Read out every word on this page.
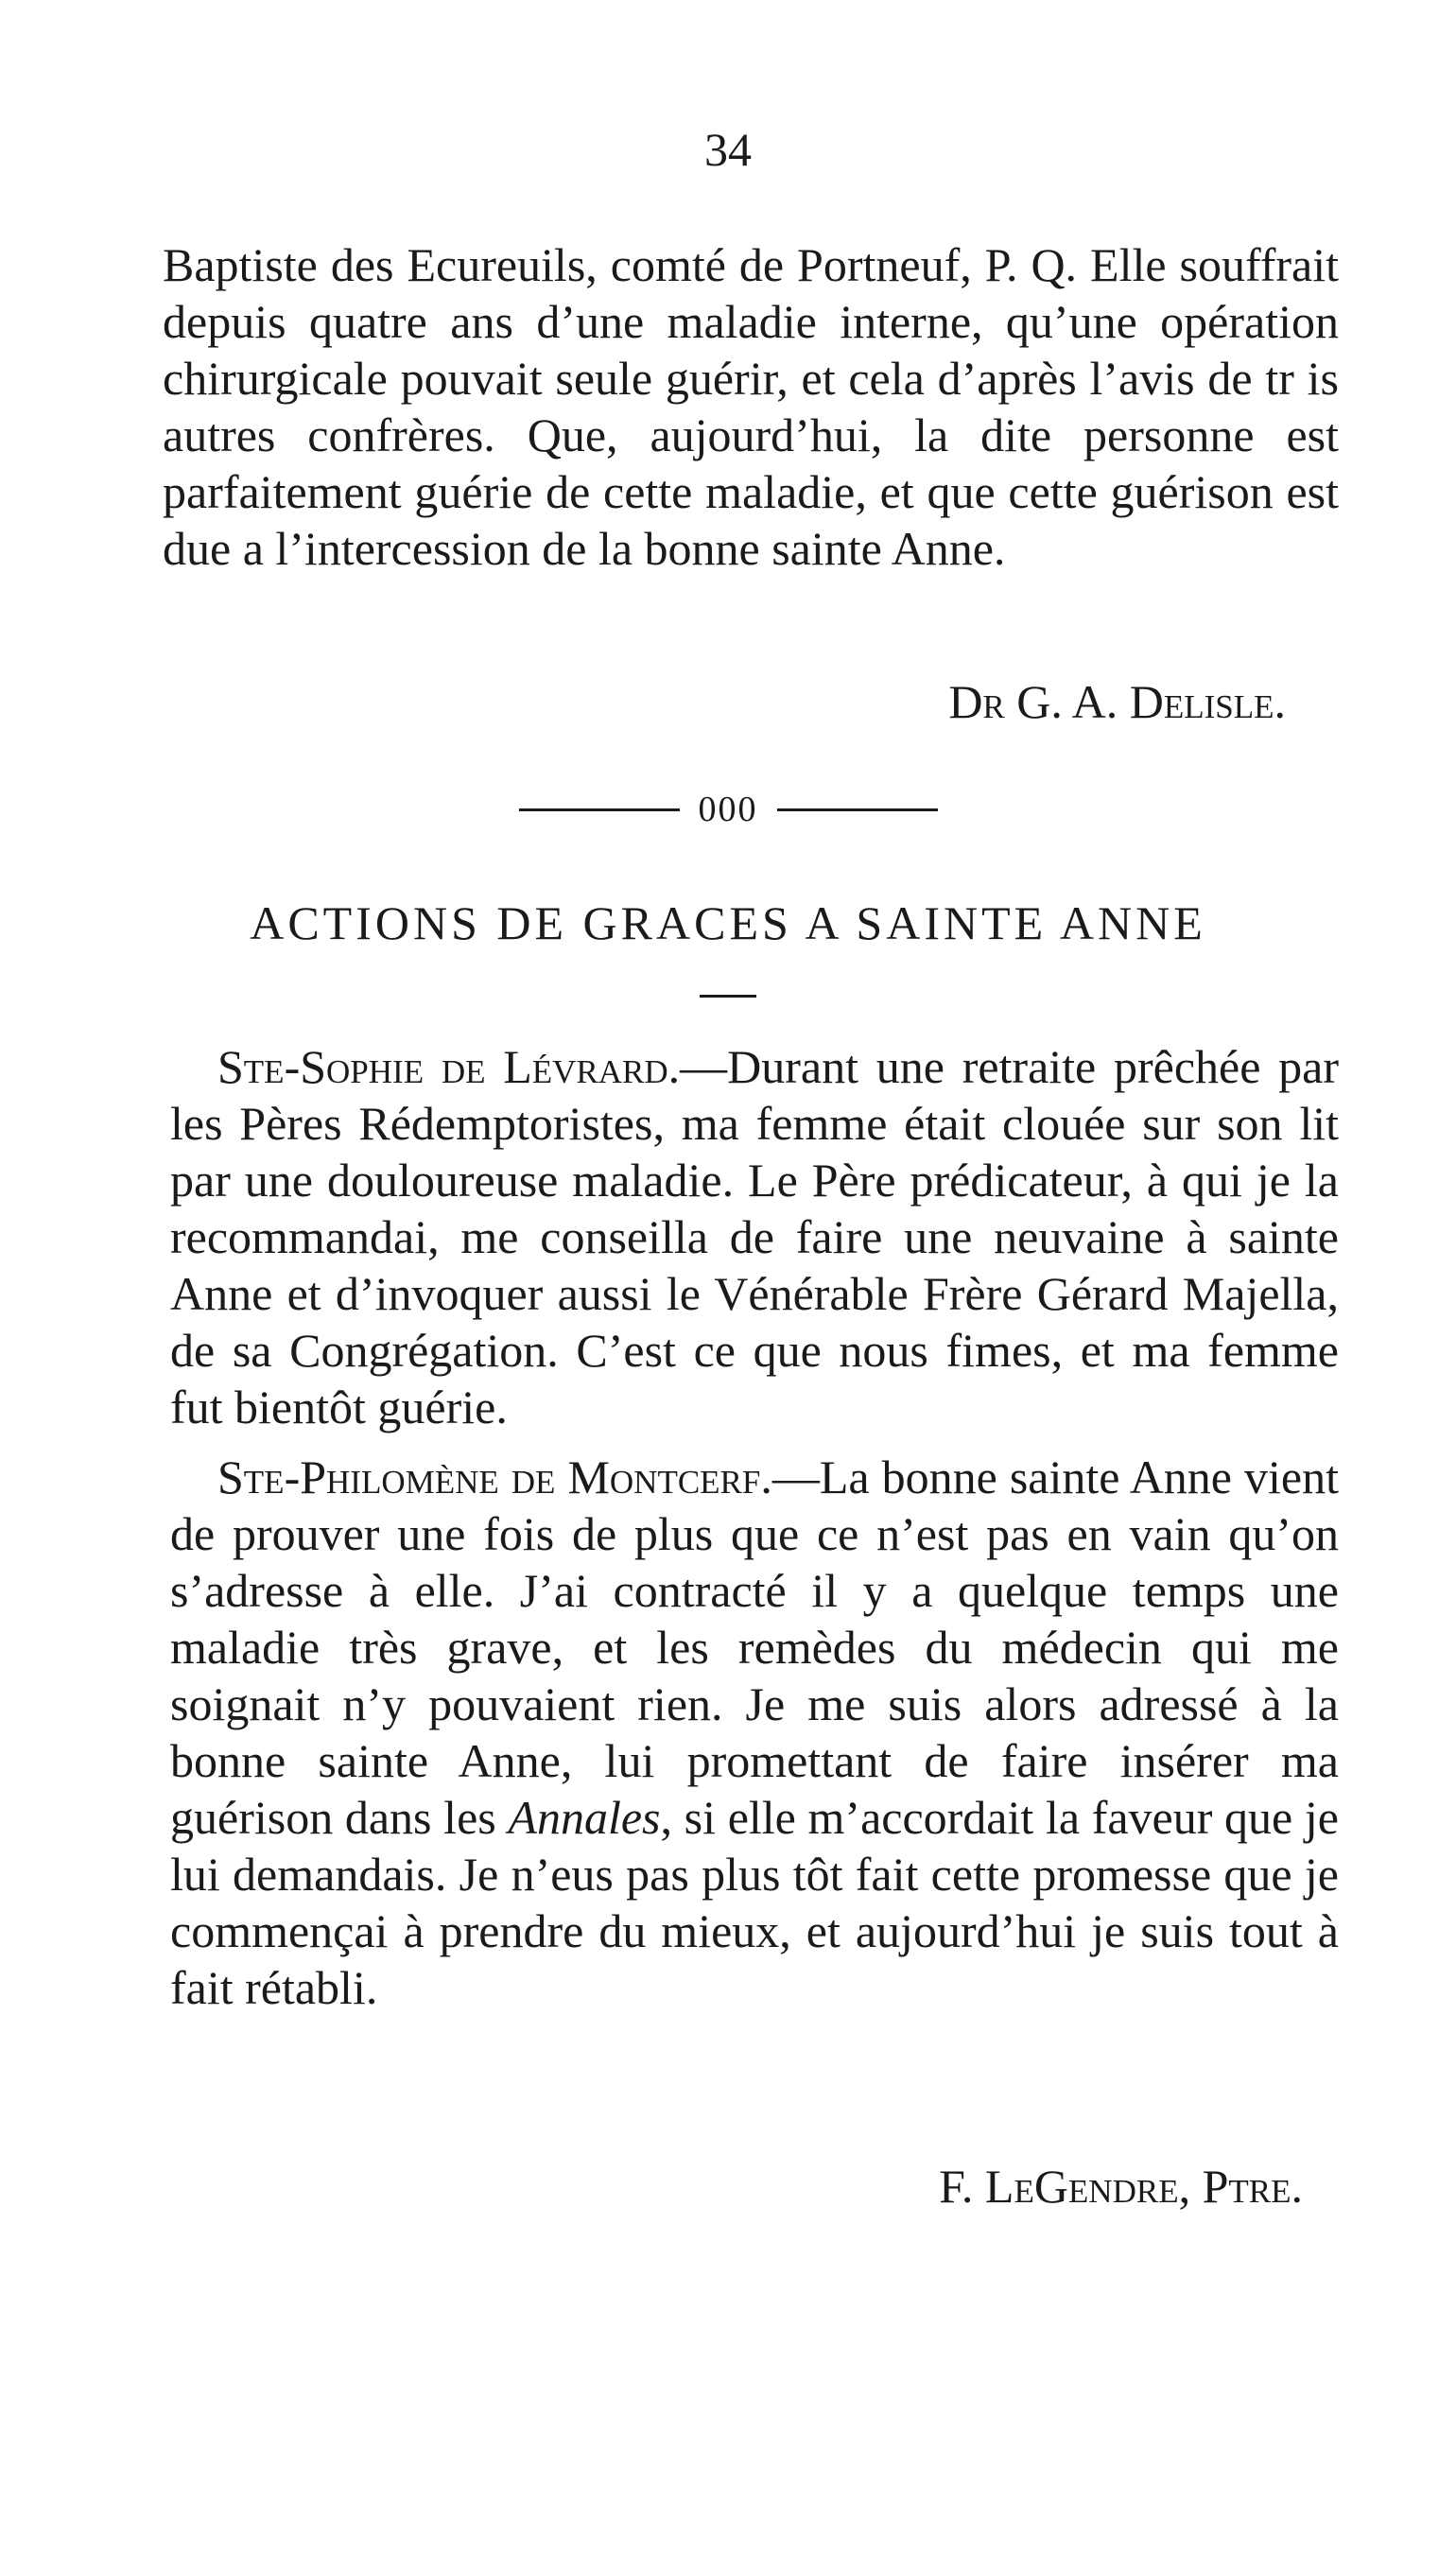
34

Baptiste des Ecureuils, comté de Portneuf, P. Q. Elle souffrait depuis quatre ans d’une maladie interne, qu’une opération chirurgicale pouvait seule guérir, et cela d’après l’avis de tr is autres confrères. Que, aujourd’hui, la dite personne est parfaitement guérie de cette maladie, et que cette guérison est due a l’intercession de la bonne sainte Anne.

Dr G. A. Delisle.
000
ACTIONS DE GRACES A SAINTE ANNE

Ste-Sophie de Lévrard.—Durant une retraite prêchée par les Pères Rédemptoristes, ma femme était clouée sur son lit par une douloureuse maladie. Le Père prédicateur, à qui je la recommandai, me conseilla de faire une neuvaine à sainte Anne et d’invoquer aussi le Vénérable Frère Gérard Majella, de sa Congrégation. C’est ce que nous fimes, et ma femme fut bientôt guérie.

Ste-Philomène de Montcerf.—La bonne sainte Anne vient de prouver une fois de plus que ce n’est pas en vain qu’on s’adresse à elle. J’ai contracté il y a quelque temps une maladie très grave, et les remèdes du médecin qui me soignait n’y pouvaient rien. Je me suis alors adressé à la bonne sainte Anne, lui promettant de faire insérer ma guérison dans les Annales, si elle m’accordait la faveur que je lui demandais. Je n’eus pas plus tôt fait cette promesse que je commençai à prendre du mieux, et aujourd’hui je suis tout à fait rétabli.

F. LeGendre, Ptre.
